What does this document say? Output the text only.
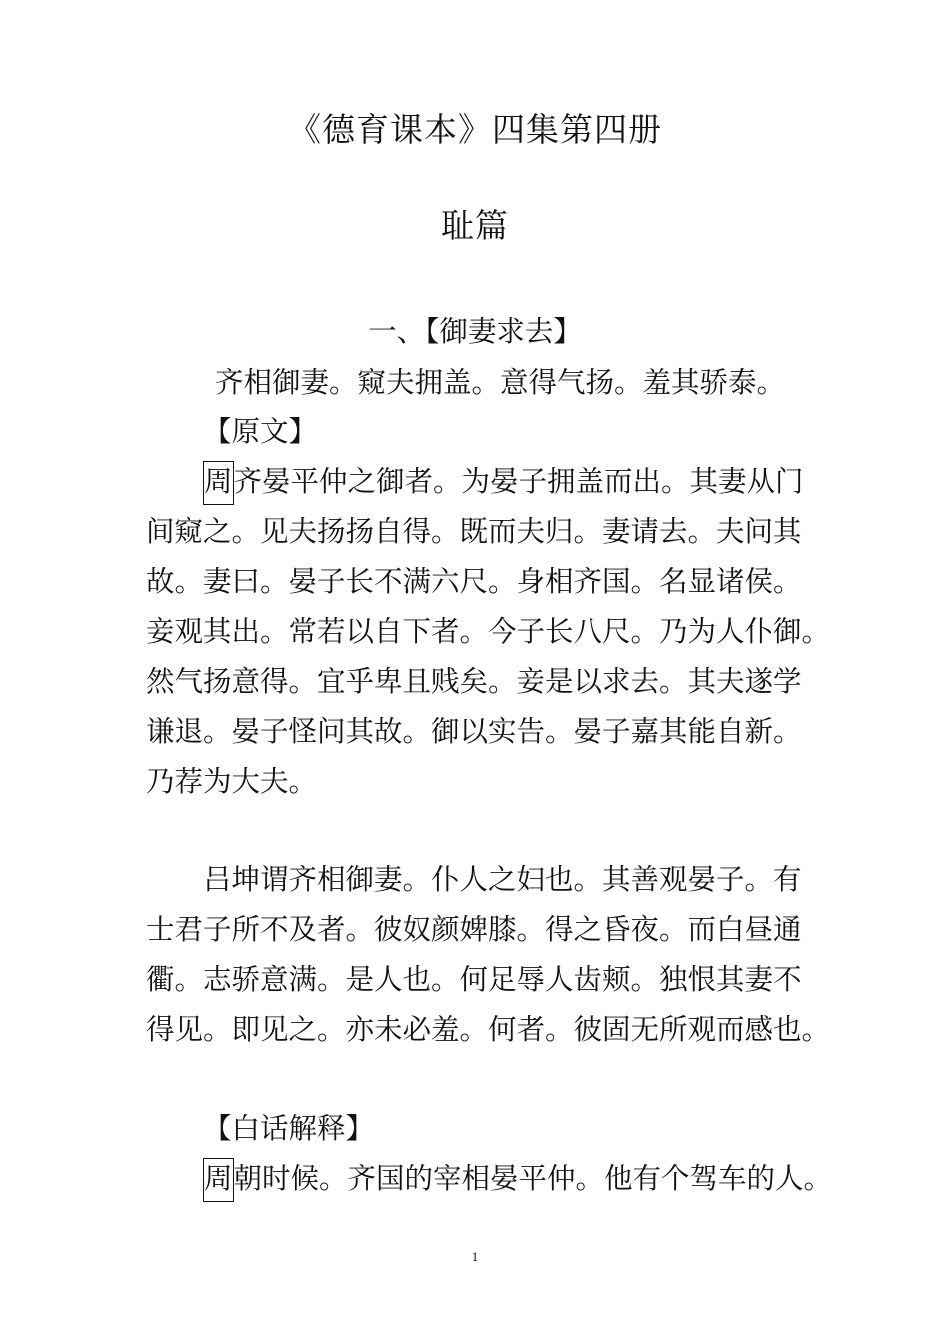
《德育课本》四集第四册
耻篇
一、【御妻求去】
齐相御妻。窥夫拥盖。意得气扬。羞其骄泰。
【原文】
周齐晏平仲之御者。为晏子拥盖而出。其妻从门
间窥之。见夫扬扬自得。既而夫归。妻请去。夫问其
故。妻曰。晏子长不满六尺。身相齐国。名显诸侯。
妾观其出。常若以自下者。今子长八尺。乃为人仆御。
然气扬意得。宜乎卑且贱矣。妾是以求去。其夫遂学
谦退。晏子怪问其故。御以实告。晏子嘉其能自新。
乃荐为大夫。
吕坤谓齐相御妻。仆人之妇也。其善观晏子。有
士君子所不及者。彼奴颜婢膝。得之昏夜。而白昼通
衢。志骄意满。是人也。何足辱人齿颊。独恨其妻不
得见。即见之。亦未必羞。何者。彼固无所观而感也。
【白话解释】
周朝时候。齐国的宰相晏平仲。他有个驾车的人。
1
